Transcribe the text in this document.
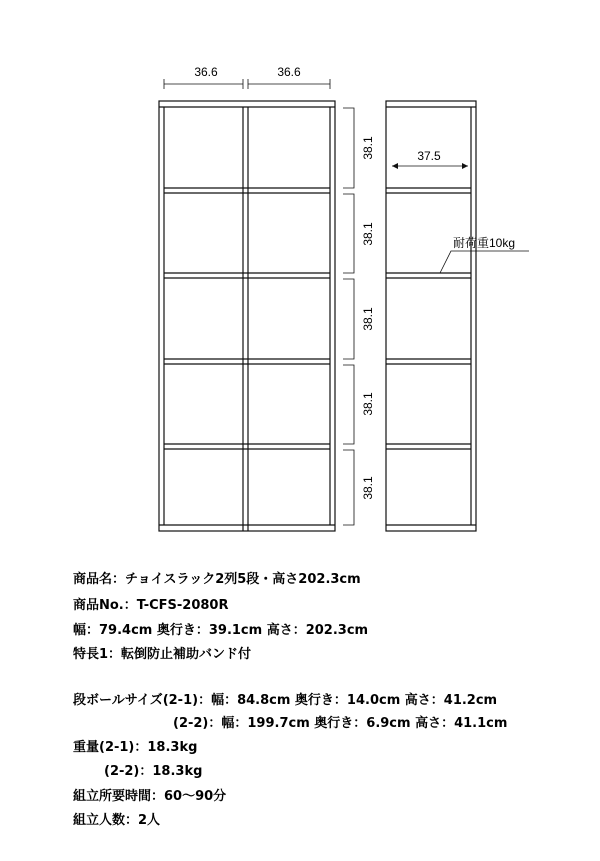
36.6	36.6
38.1
38.1
38.1
38.1
38.1
37.5
耐荷重10kg
商品名：チョイスラック2列5段・高さ202.3cm
商品No.：T-CFS-2080R
幅：79.4cm 奥行き：39.1cm 高さ：202.3cm
特長1：転倒防止補助バンド付
段ボールサイズ(2-1)：幅：84.8cm 奥行き：14.0cm 高さ：41.2cm
(2-2)：幅：199.7cm 奥行き：6.9cm 高さ：41.1cm
重量(2-1)：18.3kg
(2-2)：18.3kg
組立所要時間：60〜90分
組立人数：2人
